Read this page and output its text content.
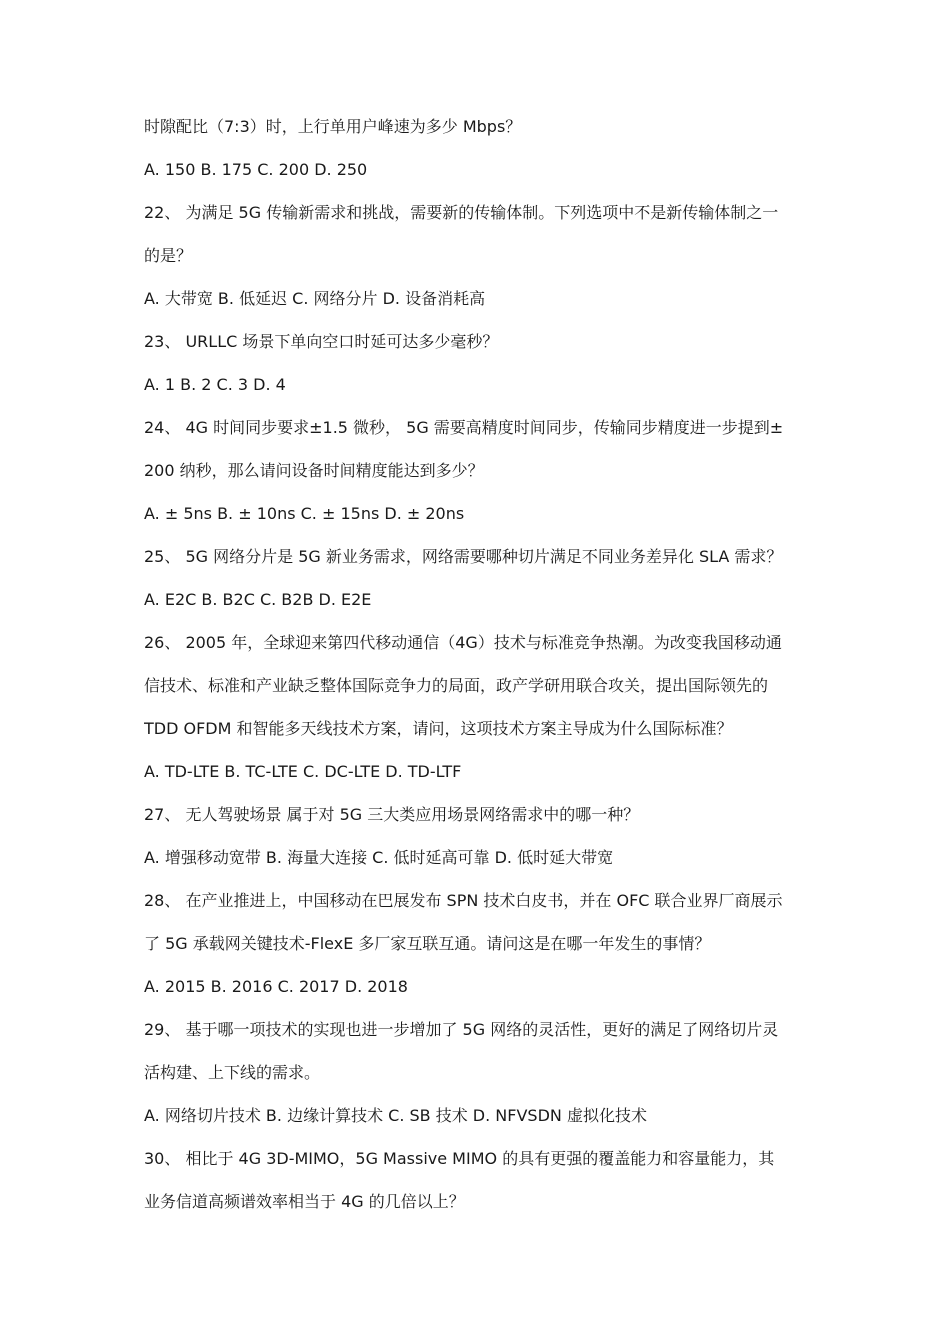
时隙配比（7:3）时，上行单用户峰速为多少 Mbps？
A. 150 B. 175 C. 200 D. 250
22、 为满足 5G 传输新需求和挑战，需要新的传输体制。下列选项中不是新传输体制之一
的是？
A. 大带宽 B. 低延迟 C. 网络分片 D. 设备消耗高
23、 URLLC 场景下单向空口时延可达多少毫秒？
A. 1 B. 2 C. 3 D. 4
24、 4G 时间同步要求±1.5 微秒， 5G 需要高精度时间同步，传输同步精度进一步提到±
200 纳秒，那么请问设备时间精度能达到多少？
A. ± 5ns B. ± 10ns C. ± 15ns D. ± 20ns
25、 5G 网络分片是 5G 新业务需求，网络需要哪种切片满足不同业务差异化 SLA 需求？
A. E2C B. B2C C. B2B D. E2E
26、 2005 年，全球迎来第四代移动通信（4G）技术与标准竞争热潮。为改变我国移动通
信技术、标准和产业缺乏整体国际竞争力的局面，政产学研用联合攻关，提出国际领先的
TDD OFDM 和智能多天线技术方案，请问，这项技术方案主导成为什么国际标准？
A. TD-LTE B. TC-LTE C. DC-LTE D. TD-LTF
27、 无人驾驶场景 属于对 5G 三大类应用场景网络需求中的哪一种？
A. 增强移动宽带 B. 海量大连接 C. 低时延高可靠 D. 低时延大带宽
28、 在产业推进上，中国移动在巴展发布 SPN 技术白皮书，并在 OFC 联合业界厂商展示
了 5G 承载网关键技术-FlexE 多厂家互联互通。请问这是在哪一年发生的事情？
A. 2015 B. 2016 C. 2017 D. 2018
29、 基于哪一项技术的实现也进一步增加了 5G 网络的灵活性，更好的满足了网络切片灵
活构建、上下线的需求。
A. 网络切片技术 B. 边缘计算技术 C. SB 技术 D. NFVSDN 虚拟化技术
30、 相比于 4G 3D-MIMO，5G Massive MIMO 的具有更强的覆盖能力和容量能力，其
业务信道高频谱效率相当于 4G 的几倍以上？
